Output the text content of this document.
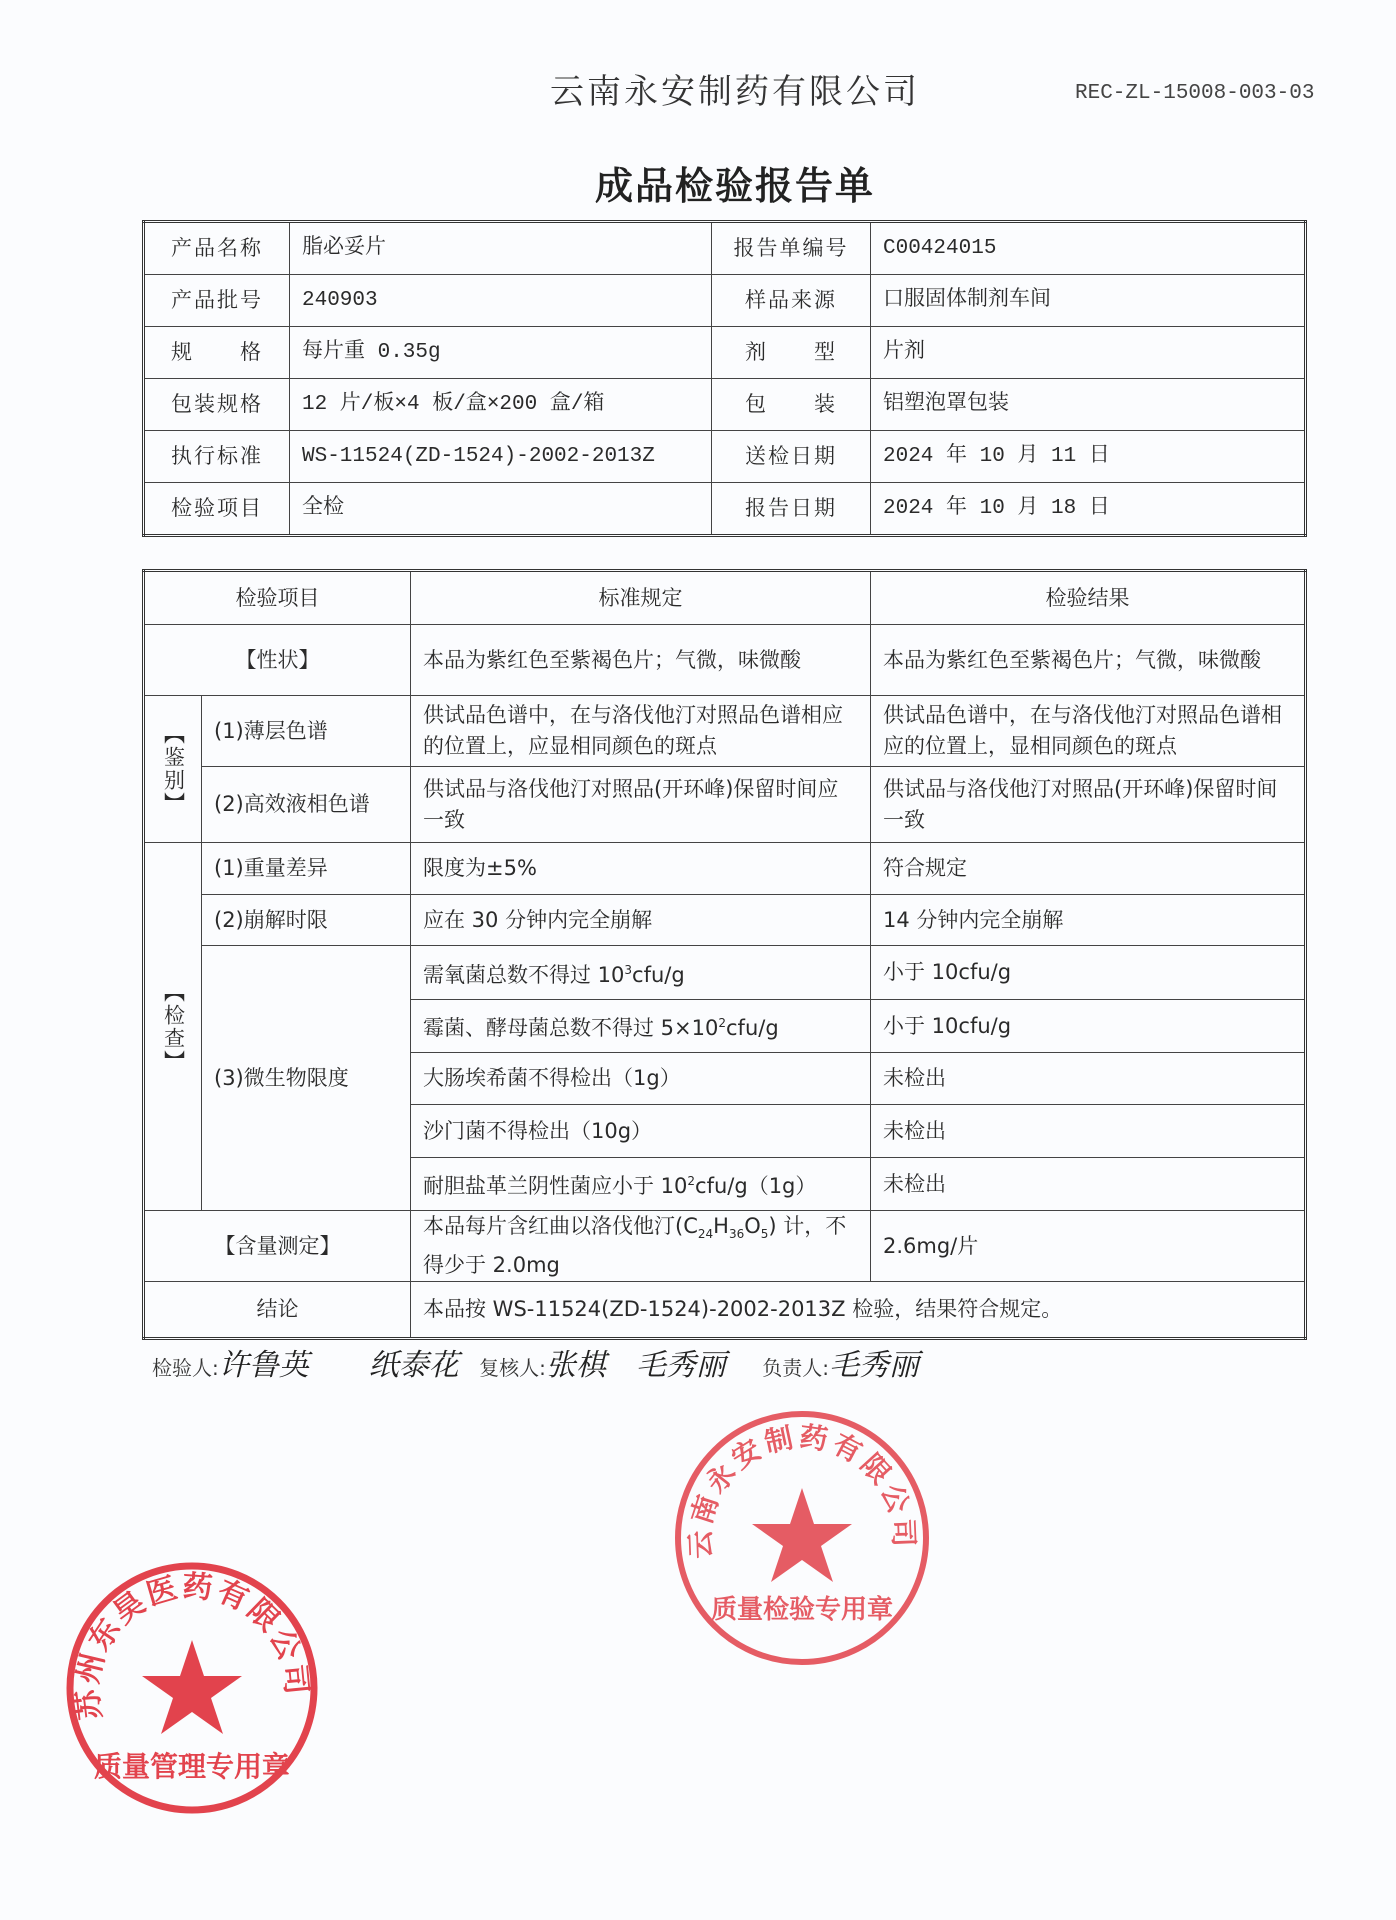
云南永安制药有限公司	REC-ZL-15008-003-03
成品检验报告单
产品名称	脂必妥片	报告单编号	C00424015
产品批号	240903	样品来源	口服固体制剂车间
规　　格	每片重 0.35g	剂　　型	片剂
包装规格	12 片/板×4 板/盒×200 盒/箱	包　　装	铝塑泡罩包装
执行标准	WS-11524(ZD-1524)-2002-2013Z	送检日期	2024 年 10 月 11 日
检验项目	全检	报告日期	2024 年 10 月 18 日
检验项目		标准规定	检验结果
【性状】		本品为紫红色至紫褐色片；气微，味微酸	本品为紫红色至紫褐色片；气微，味微酸
【鉴别】	(1)薄层色谱	供试品色谱中，在与洛伐他汀对照品色谱相应的位置上，应显相同颜色的斑点	供试品色谱中，在与洛伐他汀对照品色谱相应的位置上，显相同颜色的斑点
	(2)高效液相色谱	供试品与洛伐他汀对照品(开环峰)保留时间应一致	供试品与洛伐他汀对照品(开环峰)保留时间一致
【检查】	(1)重量差异	限度为±5%	符合规定
	(2)崩解时限	应在 30 分钟内完全崩解	14 分钟内完全崩解
	(3)微生物限度	需氧菌总数不得过 $10^3cfu/g$	小于 10cfu/g
		霉菌、酵母菌总数不得过 $5\times 10^2cfu/g$	小于 10cfu/g
		大肠埃希菌不得检出（1g）	未检出
		沙门菌不得检出（10g）	未检出
		耐胆盐革兰阴性菌应小于 $10^2cfu/g(1g)$	未检出
【含量测定】		本品每片含红曲以洛伐他汀$(C_{24}H_{36}O_5)$ 计，不得少于 2.0mg	2.6mg/片
结论		本品按 WS-11524(ZD-1524)-2002-2013Z 检验，结果符合规定。	
检验人:许鲁英　　纸泰花 复核人:张棋　毛秀丽 负责人:毛秀丽
云南永安制药有限公司
质量检验专用章
苏州东昊医药有限公司
质量管理专用章
